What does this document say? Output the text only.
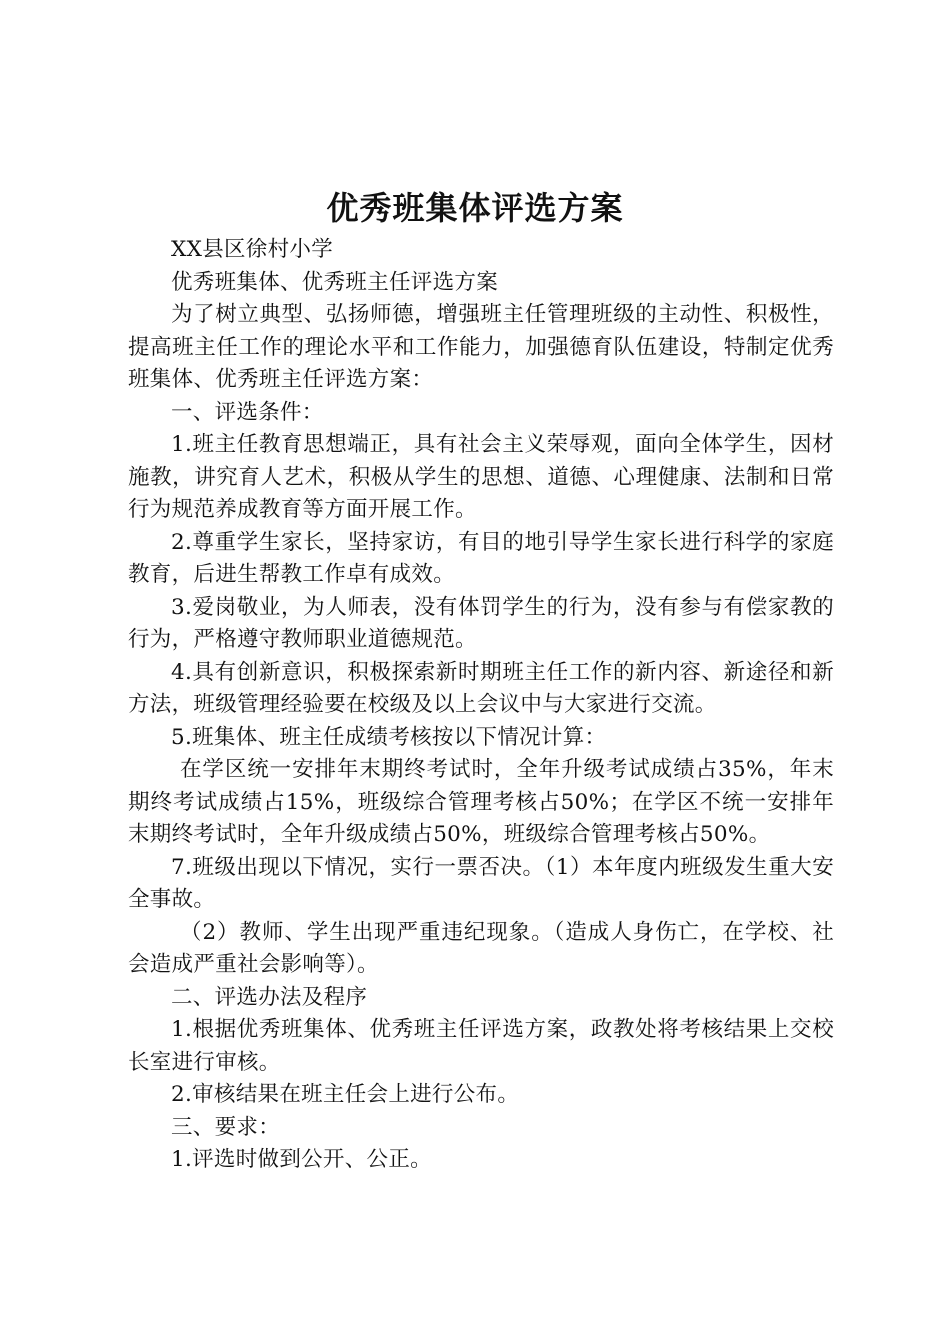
优秀班集体评选方案

XX县区徐村小学

优秀班集体、优秀班主任评选方案

为了树立典型、弘扬师德，增强班主任管理班级的主动性、积极性，提高班主任工作的理论水平和工作能力，加强德育队伍建设，特制定优秀班集体、优秀班主任评选方案：

一、评选条件：

1.班主任教育思想端正，具有社会主义荣辱观，面向全体学生，因材施教，讲究育人艺术，积极从学生的思想、道德、心理健康、法制和日常行为规范养成教育等方面开展工作。

2.尊重学生家长，坚持家访，有目的地引导学生家长进行科学的家庭教育，后进生帮教工作卓有成效。

3.爱岗敬业，为人师表，没有体罚学生的行为，没有参与有偿家教的行为，严格遵守教师职业道德规范。

4.具有创新意识，积极探索新时期班主任工作的新内容、新途径和新方法，班级管理经验要在校级及以上会议中与大家进行交流。

5.班集体、班主任成绩考核按以下情况计算：

在学区统一安排年末期终考试时，全年升级考试成绩占35%，年末期终考试成绩占15%，班级综合管理考核占50%；在学区不统一安排年末期终考试时，全年升级成绩占50%，班级综合管理考核占50%。

7.班级出现以下情况，实行一票否决。（1）本年度内班级发生重大安全事故。

（2）教师、学生出现严重违纪现象。（造成人身伤亡，在学校、社会造成严重社会影响等）。

二、评选办法及程序

1.根据优秀班集体、优秀班主任评选方案，政教处将考核结果上交校长室进行审核。

2.审核结果在班主任会上进行公布。

三、要求：

1.评选时做到公开、公正。
